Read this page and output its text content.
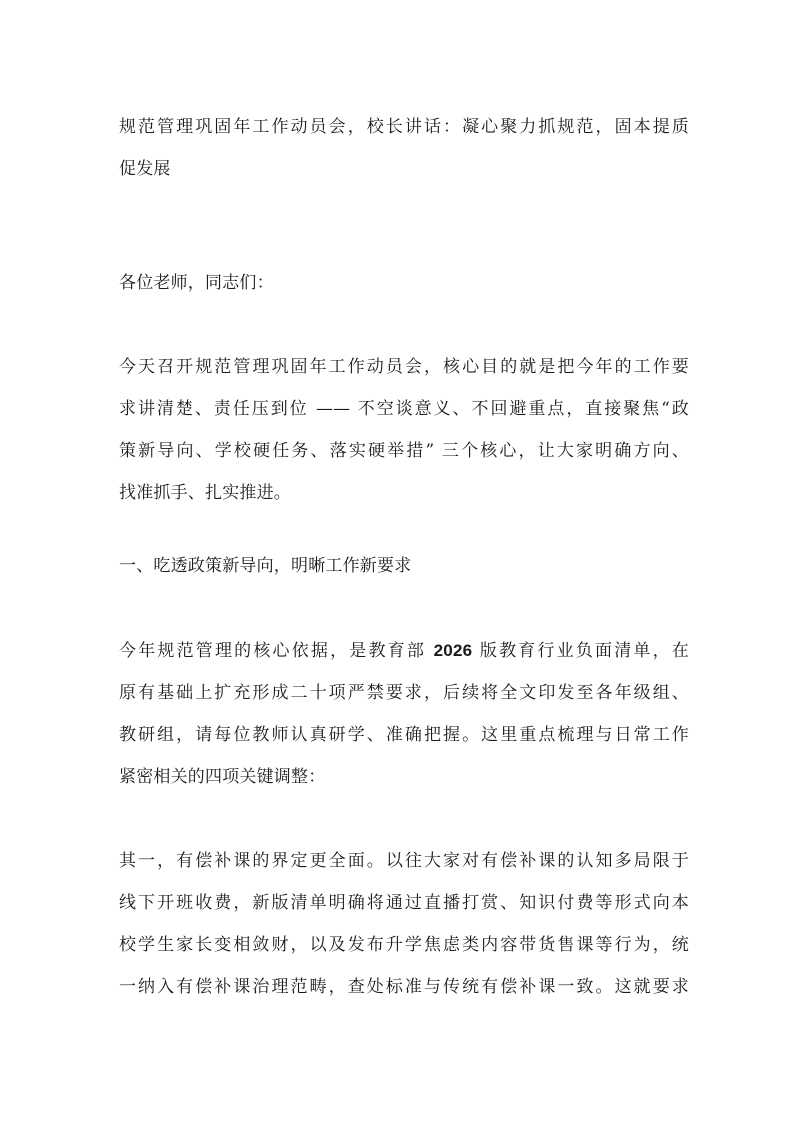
规范管理巩固年工作动员会，校长讲话：凝心聚力抓规范，固本提质
促发展
各位老师，同志们：
今天召开规范管理巩固年工作动员会，核心目的就是把今年的工作要
求讲清楚、责任压到位 —— 不空谈意义、不回避重点，直接聚焦“政
策新导向、学校硬任务、落实硬举措” 三个核心，让大家明确方向、
找准抓手、扎实推进。
一、吃透政策新导向，明晰工作新要求
今年规范管理的核心依据，是教育部 2026 版教育行业负面清单，在
原有基础上扩充形成二十项严禁要求，后续将全文印发至各年级组、
教研组，请每位教师认真研学、准确把握。这里重点梳理与日常工作
紧密相关的四项关键调整：
其一，有偿补课的界定更全面。以往大家对有偿补课的认知多局限于
线下开班收费，新版清单明确将通过直播打赏、知识付费等形式向本
校学生家长变相敛财，以及发布升学焦虑类内容带货售课等行为，统
一纳入有偿补课治理范畴，查处标准与传统有偿补课一致。这就要求
